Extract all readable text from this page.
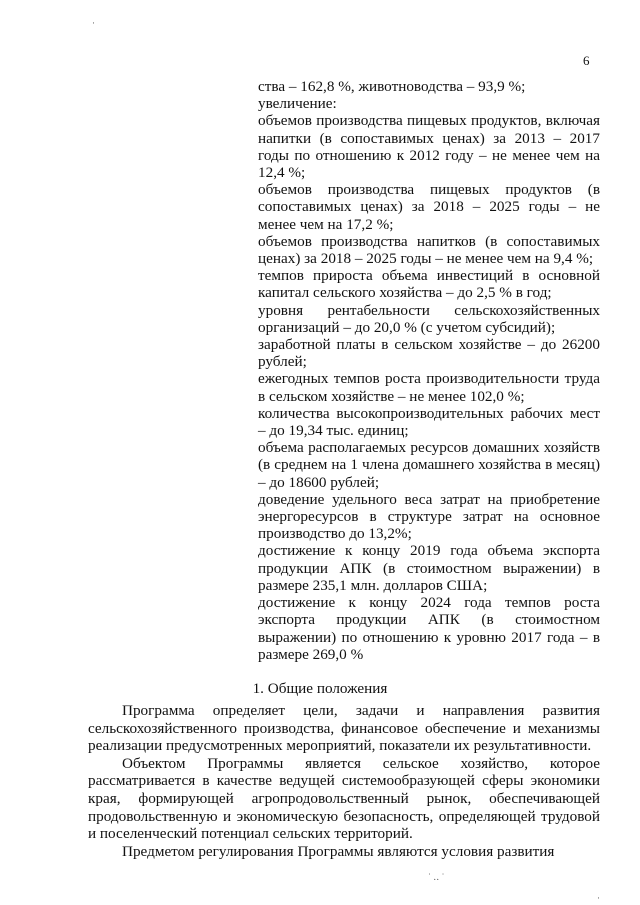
6

ства – 162,8 %, животноводства – 93,9 %;

увеличение:

объемов производства пищевых продуктов, включая напитки (в сопоставимых ценах) за 2013 – 2017 годы по отношению к 2012 году – не менее чем на 12,4 %;

объемов производства пищевых продуктов (в сопоставимых ценах) за 2018 – 2025 годы – не менее чем на 17,2 %;

объемов производства напитков (в сопоставимых ценах) за 2018 – 2025 годы – не менее чем на 9,4 %;

темпов прироста объема инвестиций в основной капитал сельского хозяйства – до 2,5 % в год;

уровня рентабельности сельскохозяйственных организаций – до 20,0 % (с учетом субсидий);

заработной платы в сельском хозяйстве – до 26200 рублей;

ежегодных темпов роста производительности труда в сельском хозяйстве – не менее 102,0 %;

количества высокопроизводительных рабочих мест – до 19,34 тыс. единиц;

объема располагаемых ресурсов домашних хозяйств (в среднем на 1 члена домашнего хозяйства в месяц) – до 18600 рублей;

доведение удельного веса затрат на приобретение энергоресурсов в структуре затрат на основное производство до 13,2%;

достижение к концу 2019 года объема экспорта продукции АПК (в стоимостном выражении) в размере 235,1 млн. долларов США;

достижение к концу 2024 года темпов роста экспорта продукции АПК (в стоимостном выражении) по отношению к уровню 2017 года – в размере 269,0 %

1. Общие положения

Программа определяет цели, задачи и направления развития сельскохозяйственного производства, финансовое обеспечение и механизмы реализации предусмотренных мероприятий, показатели их результативности.

Объектом Программы является сельское хозяйство, которое рассматривается в качестве ведущей системообразующей сферы экономики края, формирующей агропродовольственный рынок, обеспечивающей продовольственную и экономическую безопасность, определяющей трудовой и поселенческий потенциал сельских территорий.

Предметом регулирования Программы являются условия развития

·
˙ ‥ ˙
·
